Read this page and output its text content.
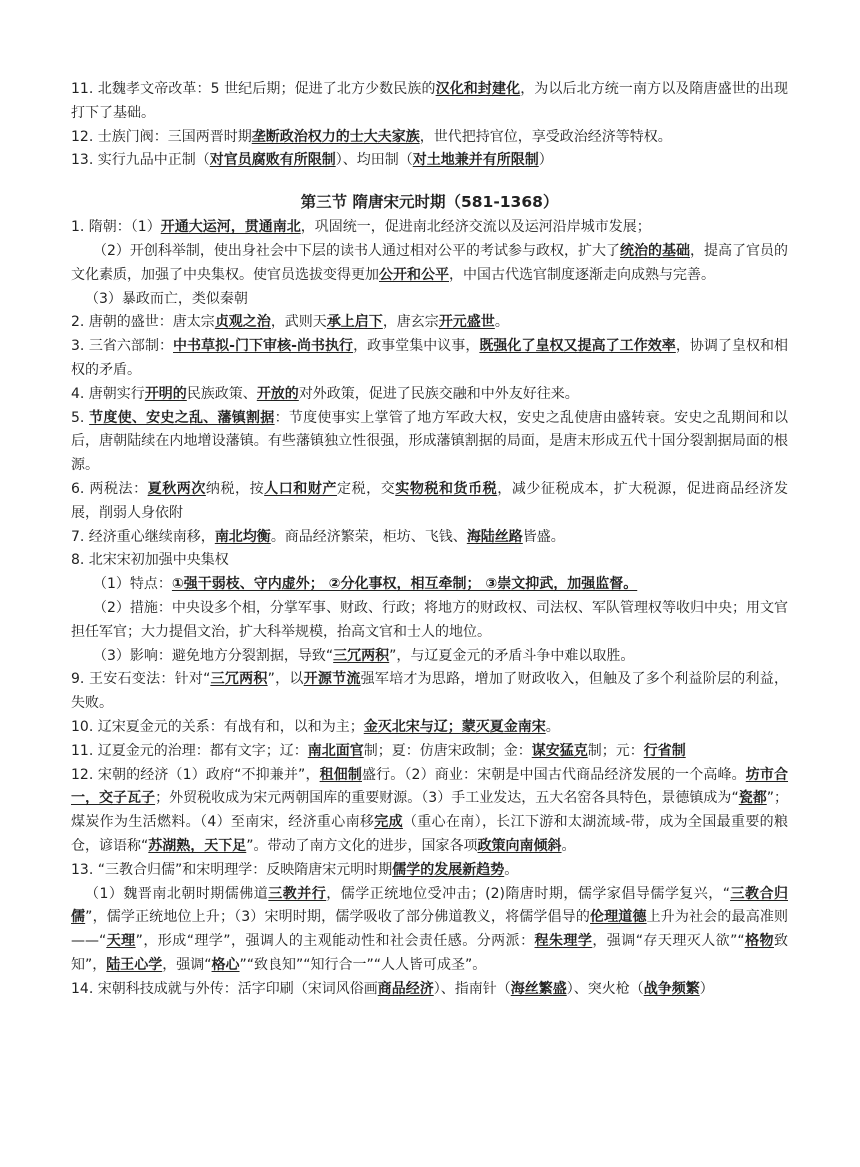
11. 北魏孝文帝改革：5 世纪后期；促进了北方少数民族的汉化和封建化，为以后北方统一南方以及隋唐盛世的出现打下了基础。

12. 士族门阀：三国两晋时期垄断政治权力的士大夫家族，世代把持官位，享受政治经济等特权。

13. 实行九品中正制（对官员腐败有所限制）、均田制（对土地兼并有所限制）

第三节 隋唐宋元时期（581-1368）

1. 隋朝：（1）开通大运河，贯通南北，巩固统一，促进南北经济交流以及运河沿岸城市发展；

（2）开创科举制，使出身社会中下层的读书人通过相对公平的考试参与政权，扩大了统治的基础，提高了官员的文化素质，加强了中央集权。使官员选拔变得更加公开和公平，中国古代选官制度逐渐走向成熟与完善。

（3）暴政而亡，类似秦朝

2. 唐朝的盛世：唐太宗贞观之治，武则天承上启下，唐玄宗开元盛世。

3. 三省六部制：中书草拟-门下审核-尚书执行，政事堂集中议事，既强化了皇权又提高了工作效率，协调了皇权和相权的矛盾。

4. 唐朝实行开明的民族政策、开放的对外政策，促进了民族交融和中外友好往来。

5. 节度使、安史之乱、藩镇割据：节度使事实上掌管了地方军政大权，安史之乱使唐由盛转衰。安史之乱期间和以后，唐朝陆续在内地增设藩镇。有些藩镇独立性很强，形成藩镇割据的局面，是唐末形成五代十国分裂割据局面的根源。

6. 两税法：夏秋两次纳税，按人口和财产定税，交实物税和货币税，减少征税成本，扩大税源，促进商品经济发展，削弱人身依附

7. 经济重心继续南移，南北均衡。商品经济繁荣，柜坊、飞钱、海陆丝路皆盛。

8. 北宋宋初加强中央集权

（1）特点：①强干弱枝、守内虚外； ②分化事权，相互牵制； ③崇文抑武，加强监督。

（2）措施：中央设多个相，分掌军事、财政、行政；将地方的财政权、司法权、军队管理权等收归中央；用文官担任军官；大力提倡文治，扩大科举规模，抬高文官和士人的地位。

（3）影响：避免地方分裂割据，导致“三冗两积”，与辽夏金元的矛盾斗争中难以取胜。

9. 王安石变法：针对“三冗两积”，以开源节流强军培才为思路，增加了财政收入，但触及了多个利益阶层的利益，失败。

10. 辽宋夏金元的关系：有战有和，以和为主；金灭北宋与辽；蒙灭夏金南宋。

11. 辽夏金元的治理：都有文字；辽：南北面官制；夏：仿唐宋政制；金：谋安猛克制；元：行省制

12. 宋朝的经济（1）政府“不抑兼并”，租佃制盛行。（2）商业：宋朝是中国古代商品经济发展的一个高峰。坊市合一，交子瓦子；外贸税收成为宋元两朝国库的重要财源。（3）手工业发达，五大名窑各具特色，景德镇成为“瓷都”；煤炭作为生活燃料。（4）至南宋，经济重心南移完成（重心在南），长江下游和太湖流域-带，成为全国最重要的粮仓，谚语称“苏湖熟，天下足”。带动了南方文化的进步，国家各项政策向南倾斜。

13. “三教合归儒”和宋明理学：反映隋唐宋元明时期儒学的发展新趋势。

（1）魏晋南北朝时期儒佛道三教并行，儒学正统地位受冲击；(2)隋唐时期，儒学家倡导儒学复兴，“三教合归儒”，儒学正统地位上升；（3）宋明时期，儒学吸收了部分佛道教义，将儒学倡导的伦理道德上升为社会的最高准则——“天理”，形成“理学”，强调人的主观能动性和社会责任感。分两派：程朱理学，强调“存天理灭人欲”“格物致知”，陆王心学，强调“格心”“致良知”“知行合一”“人人皆可成圣”。

14. 宋朝科技成就与外传：活字印刷（宋词风俗画商品经济）、指南针（海丝繁盛）、突火枪（战争频繁）
